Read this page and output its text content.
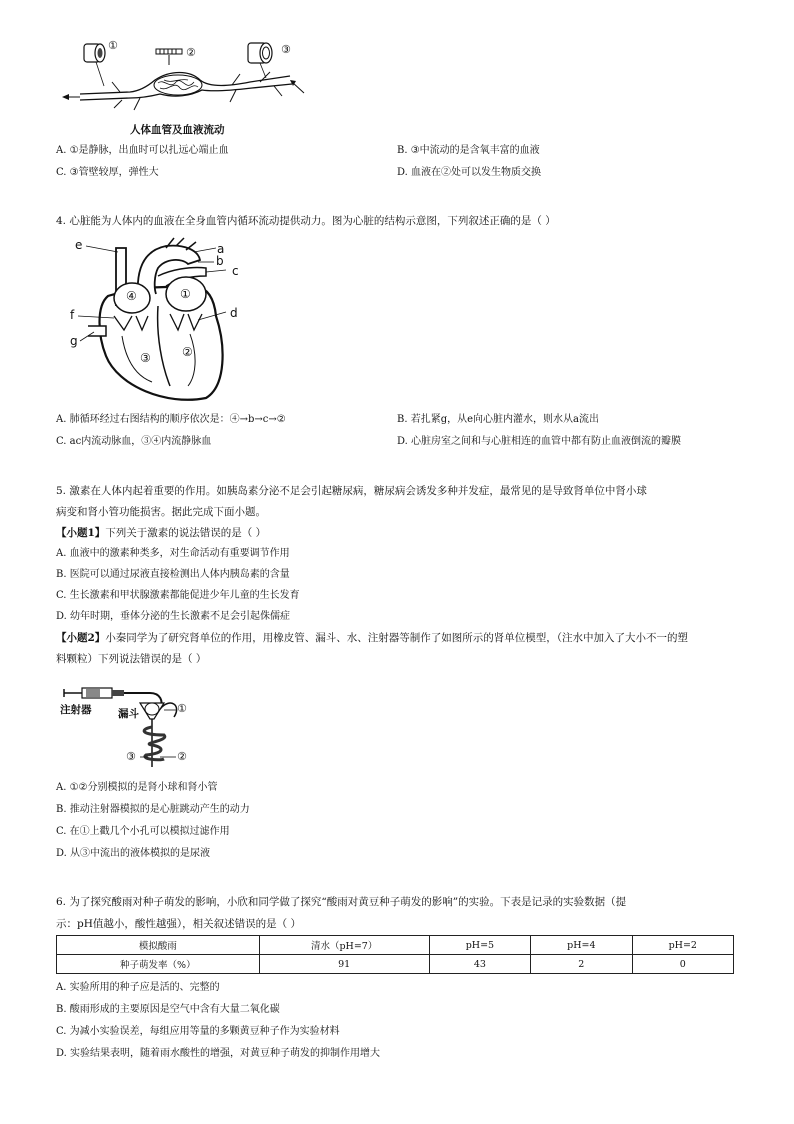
①
②	③
人体血管及血液流动
A. ①是静脉，出血时可以扎远心端止血	B. ③中流动的是含氧丰富的血液
C. ③管壁较厚，弹性大	D. 血液在②处可以发生物质交换
4. 心脏能为人体内的血液在全身血管内循环流动提供动力。图为心脏的结构示意图，下列叙述正确的是（ ）
e	a
b
c
d
f
g
①
④
③	②
A. 肺循环经过右图结构的顺序依次是：④→b→c→②	B. 若扎紧g，从e向心脏内灌水，则水从a流出
C. ac内流动脉血，③④内流静脉血	D. 心脏房室之间和与心脏相连的血管中都有防止血液倒流的瓣膜
5. 激素在人体内起着重要的作用。如胰岛素分泌不足会引起糖尿病，糖尿病会诱发多种并发症，最常见的是导致肾单位中肾小球
病变和肾小管功能损害。据此完成下面小题。
【小题1】下列关于激素的说法错误的是（ ）
A. 血液中的激素种类多，对生命活动有重要调节作用
B. 医院可以通过尿液直接检测出人体内胰岛素的含量
C. 生长激素和甲状腺激素都能促进少年儿童的生长发育
D. 幼年时期，垂体分泌的生长激素不足会引起侏儒症
【小题2】小秦同学为了研究肾单位的作用，用橡皮管、漏斗、水、注射器等制作了如图所示的肾单位模型，（注水中加入了大小不一的塑
料颗粒）下列说法错误的是（ ）
注射器	漏斗	①
③	②
A. ①②分别模拟的是肾小球和肾小管
B. 推动注射器模拟的是心脏跳动产生的动力
C. 在①上戳几个小孔可以模拟过滤作用
D. 从③中流出的液体模拟的是尿液
6. 为了探究酸雨对种子萌发的影响，小欣和同学做了探究“酸雨对黄豆种子萌发的影响”的实验。下表是记录的实验数据（提
示：pH值越小，酸性越强），相关叙述错误的是（ ）
模拟酸雨	清水（pH=7）	pH=5	pH=4	pH=2
种子萌发率（%）	91	43	2	0
A. 实验所用的种子应是活的、完整的
B. 酸雨形成的主要原因是空气中含有大量二氧化碳
C. 为减小实验误差，每组应用等量的多颗黄豆种子作为实验材料
D. 实验结果表明，随着雨水酸性的增强，对黄豆种子萌发的抑制作用增大
